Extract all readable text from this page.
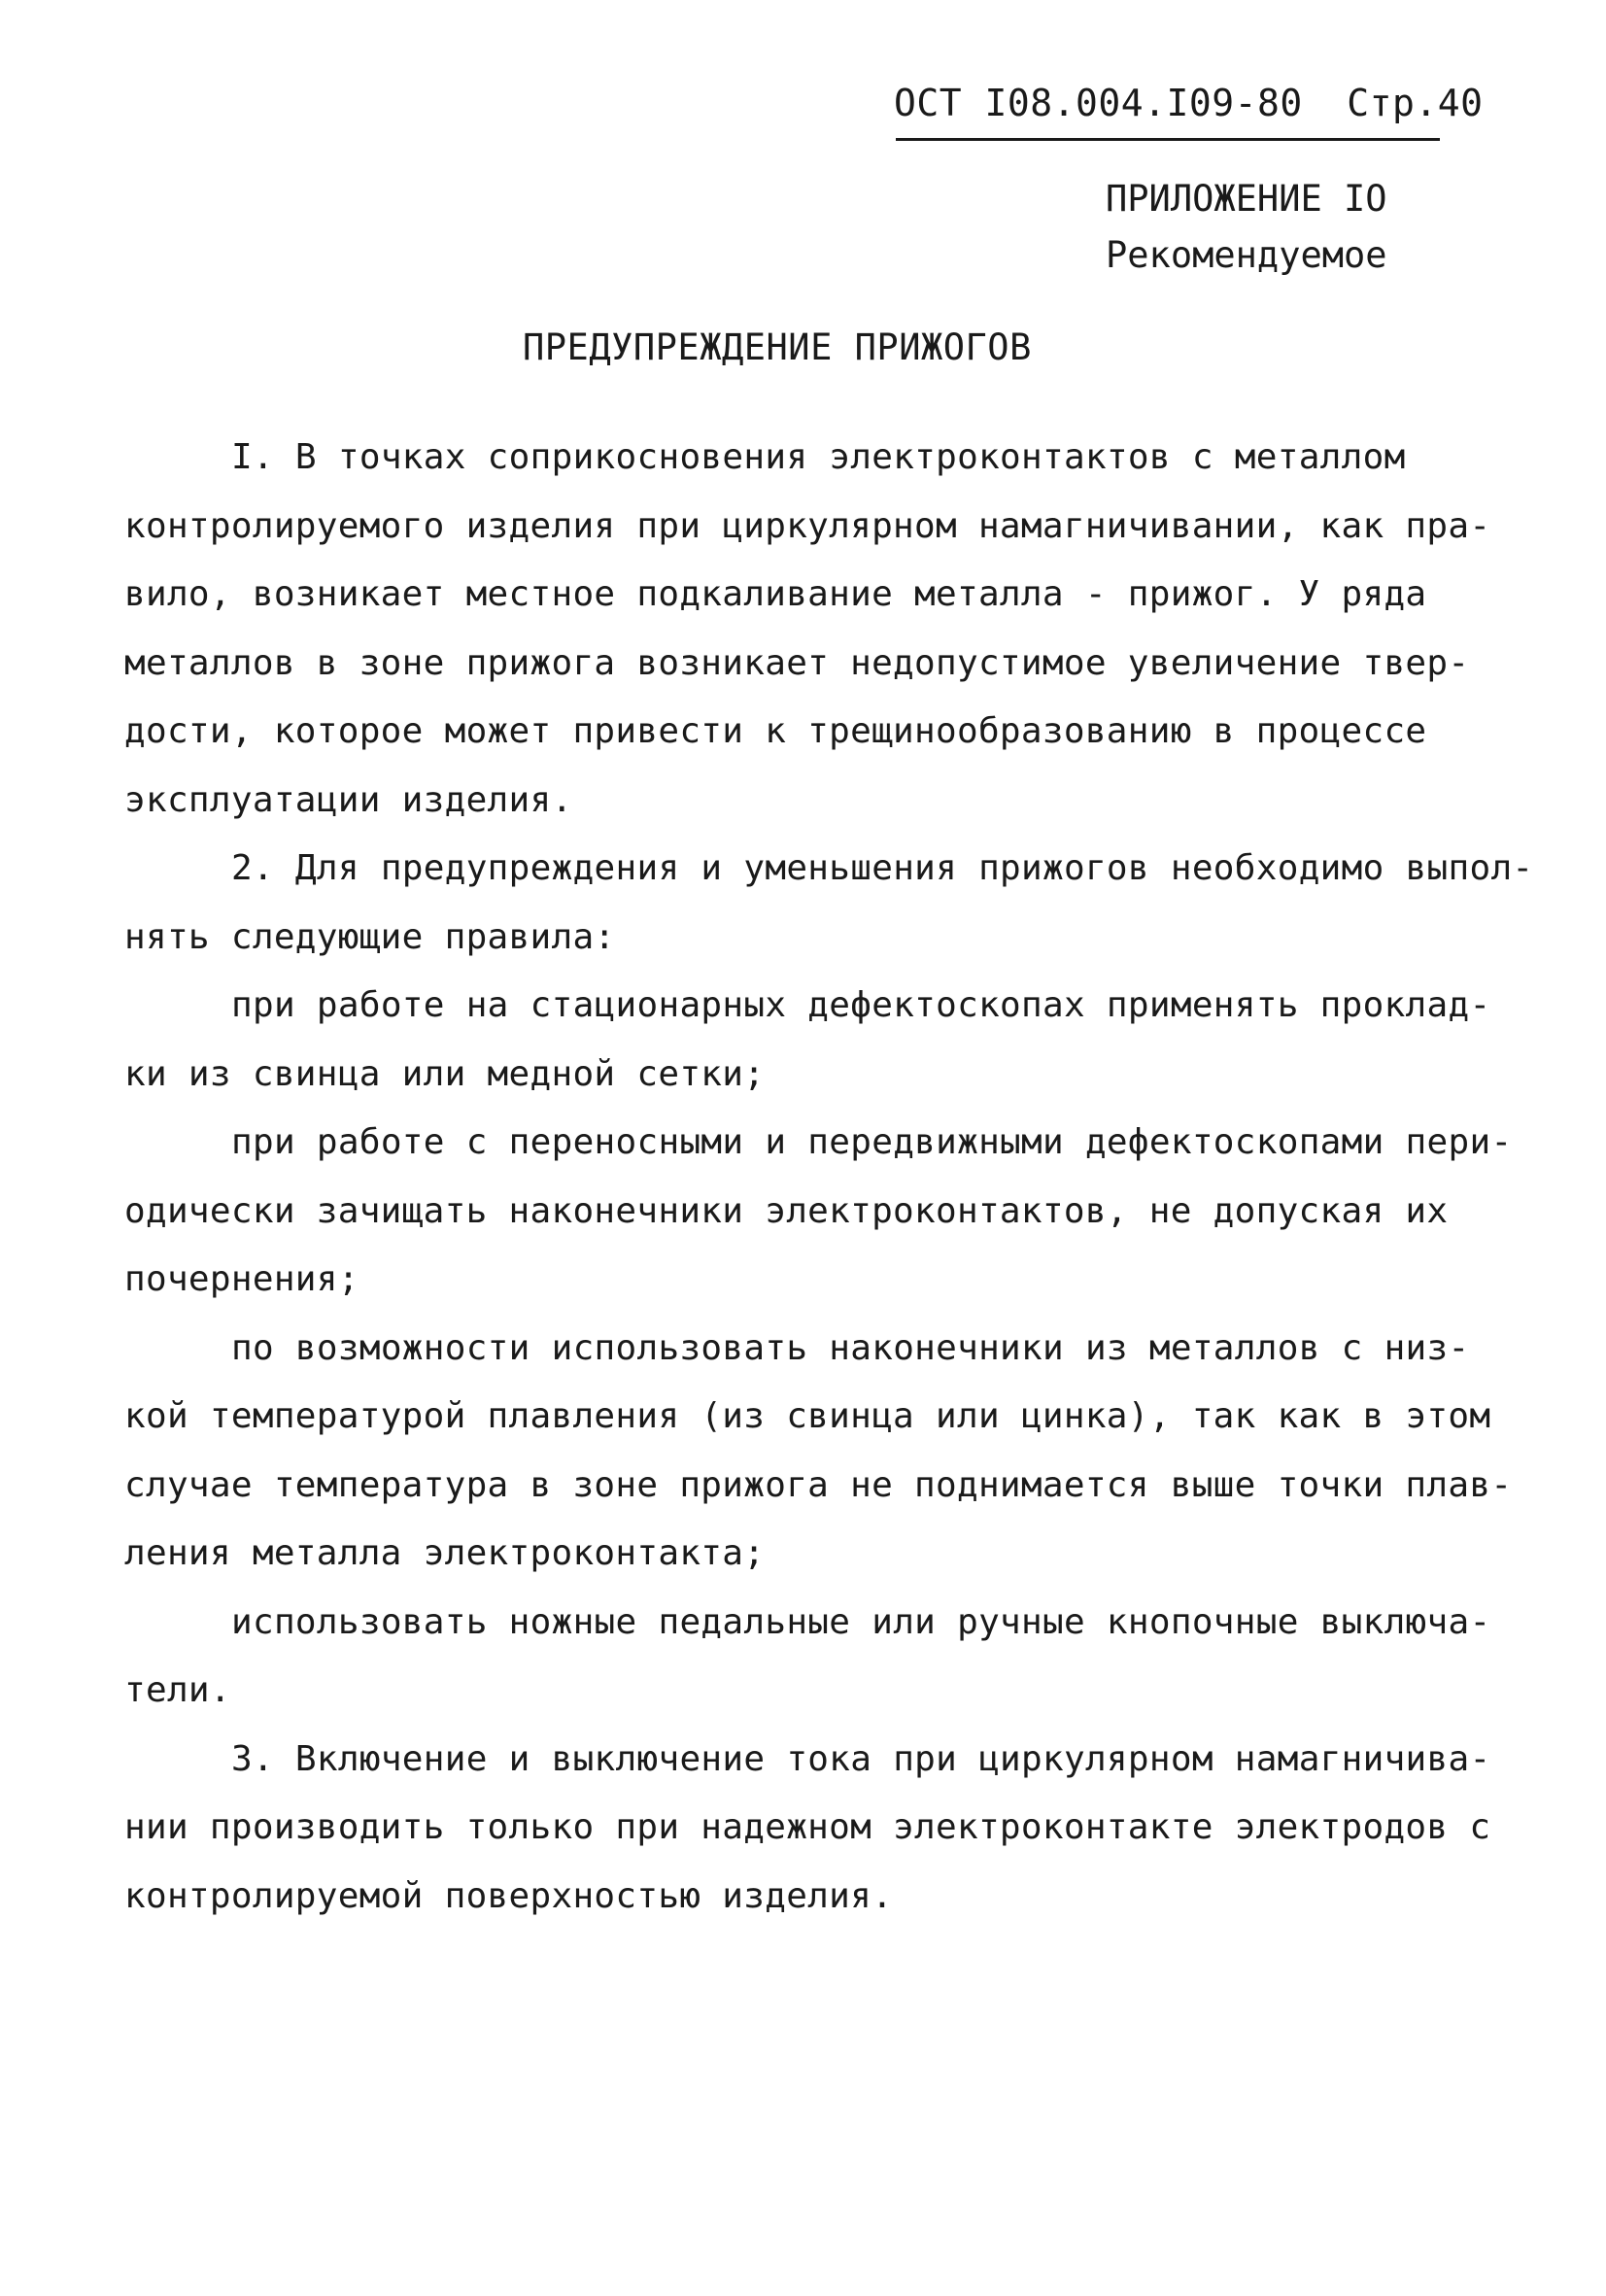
ОСТ I08.004.I09-80 Стр.40
ПРИЛОЖЕНИЕ IO
Рекомендуемое
ПРЕДУПРЕЖДЕНИЕ ПРИЖОГОВ
I. В точках соприкосновения электроконтактов с металлом
контролируемого изделия при циркулярном намагничивании, как пра-
вило, возникает местное подкаливание металла - прижог. У ряда
металлов в зоне прижога возникает недопустимое увеличение твер-
дости, которое может привести к трещинообразованию в процессе
эксплуатации изделия.
2. Для предупреждения и уменьшения прижогов необходимо выпол-
нять следующие правила:
при работе на стационарных дефектоскопах применять проклад-
ки из свинца или медной сетки;
при работе с переносными и передвижными дефектоскопами пери-
одически зачищать наконечники электроконтактов, не допуская их
почернения;
по возможности использовать наконечники из металлов с низ-
кой температурой плавления (из свинца или цинка), так как в этом
случае температура в зоне прижога не поднимается выше точки плав-
ления металла электроконтакта;
использовать ножные педальные или ручные кнопочные выключа-
тели.
3. Включение и выключение тока при циркулярном намагничива-
нии производить только при надежном электроконтакте электродов с
контролируемой поверхностью изделия.
